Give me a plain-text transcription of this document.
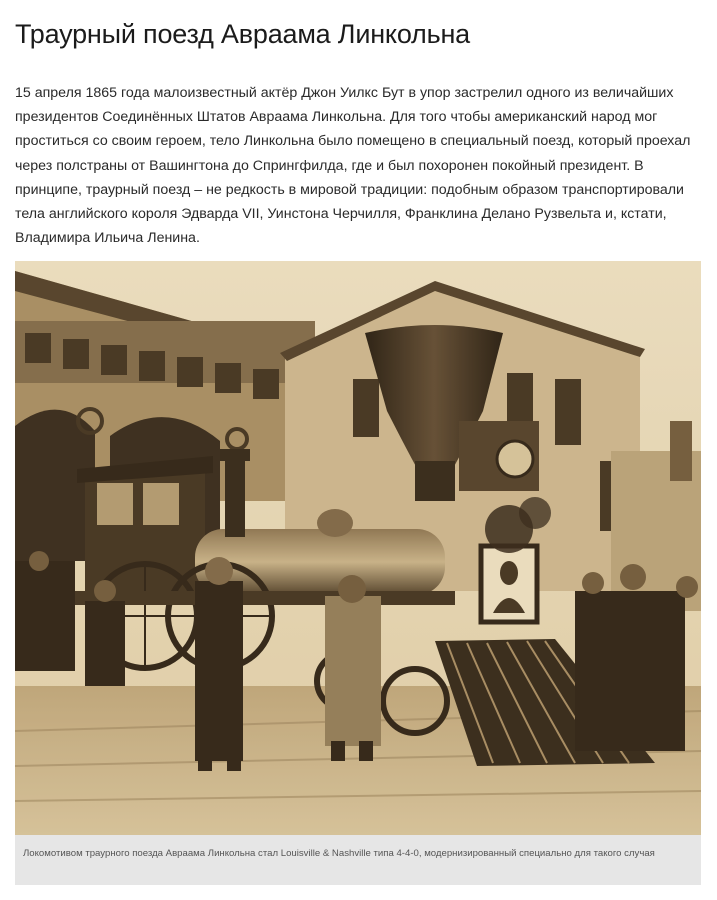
Траурный поезд Авраама Линкольна

15 апреля 1865 года малоизвестный актёр Джон Уилкс Бут в упор застрелил одного из величайших президентов Соединённых Штатов Авраама Линкольна. Для того чтобы американский народ мог проститься со своим героем, тело Линкольна было помещено в специальный поезд, который проехал через полстраны от Вашингтона до Спрингфилда, где и был похоронен покойный президент. В принципе, траурный поезд – не редкость в мировой традиции: подобным образом транспортировали тела английского короля Эдварда VII, Уинстона Черчилля, Франклина Делано Рузвельта и, кстати, Владимира Ильича Ленина.

Локомотивом траурного поезда Авраама Линкольна стал Louisville & Nashville типа 4-4-0, модернизированный специально для такого случая
